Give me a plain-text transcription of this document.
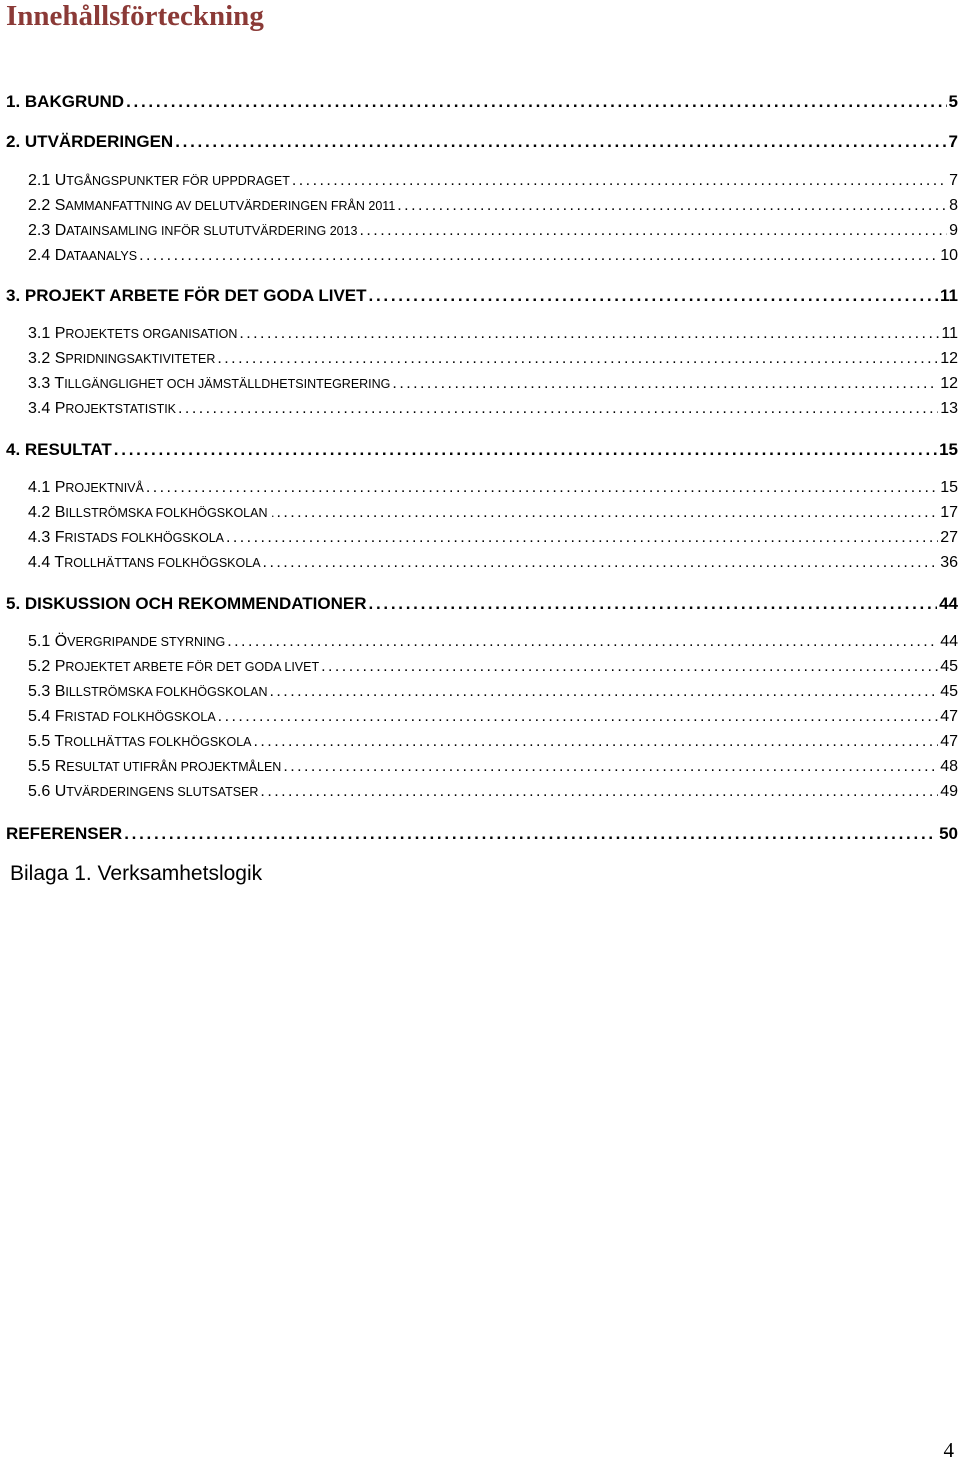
Innehållsförteckning
1. BAKGRUND . . .	5
2. UTVÄRDERINGEN . . .	7
2.1 UTGÅNGSPUNKTER FÖR UPPDRAGET . . .	7
2.2 SAMMANFATTNING AV DELUTVÄRDERINGEN FRÅN 2011 . . .	8
2.3 DATAINSAMLING INFÖR SLUTUTVÄRDERING 2013 . . .	9
2.4 DATAANALYS . . .	10
3. PROJEKT ARBETE FÖR DET GODA LIVET . . .	11
3.1 PROJEKTETS ORGANISATION . . .	11
3.2 SPRIDNINGSAKTIVITETER . . .	12
3.3 TILLGÄNGLIGHET OCH JÄMSTÄLLDHETSINTEGRERING . . .	12
3.4 PROJEKTSTATISTIK . . .	13
4. RESULTAT . . .	15
4.1 PROJEKTNIVÅ . . .	15
4.2 BILLSTRÖMSKA FOLKHÖGSKOLAN . . . .	17
4.3 FRISTADS FOLKHÖGSKOLA . . .	27
4.4 TROLLHÄTTANS FOLKHÖGSKOLA . . .	36
5. DISKUSSION OCH REKOMMENDATIONER . . .	44
5.1 ÖVERGRIPANDE STYRNING . . .	44
5.2 PROJEKTET ARBETE FÖR DET GODA LIVET . . .	45
5.3 BILLSTRÖMSKA FOLKHÖGSKOLAN . . .	45
5.4 FRISTAD FOLKHÖGSKOLA . . .	47
5.5 TROLLHÄTTAS FOLKHÖGSKOLA . . .	47
5.5 RESULTAT UTIFRÅN PROJEKTMÅLEN . . .	48
5.6 UTVÄRDERINGENS SLUTSATSER . . .	49
REFERENSER . . .	50
Bilaga 1. Verksamhetslogik
4
